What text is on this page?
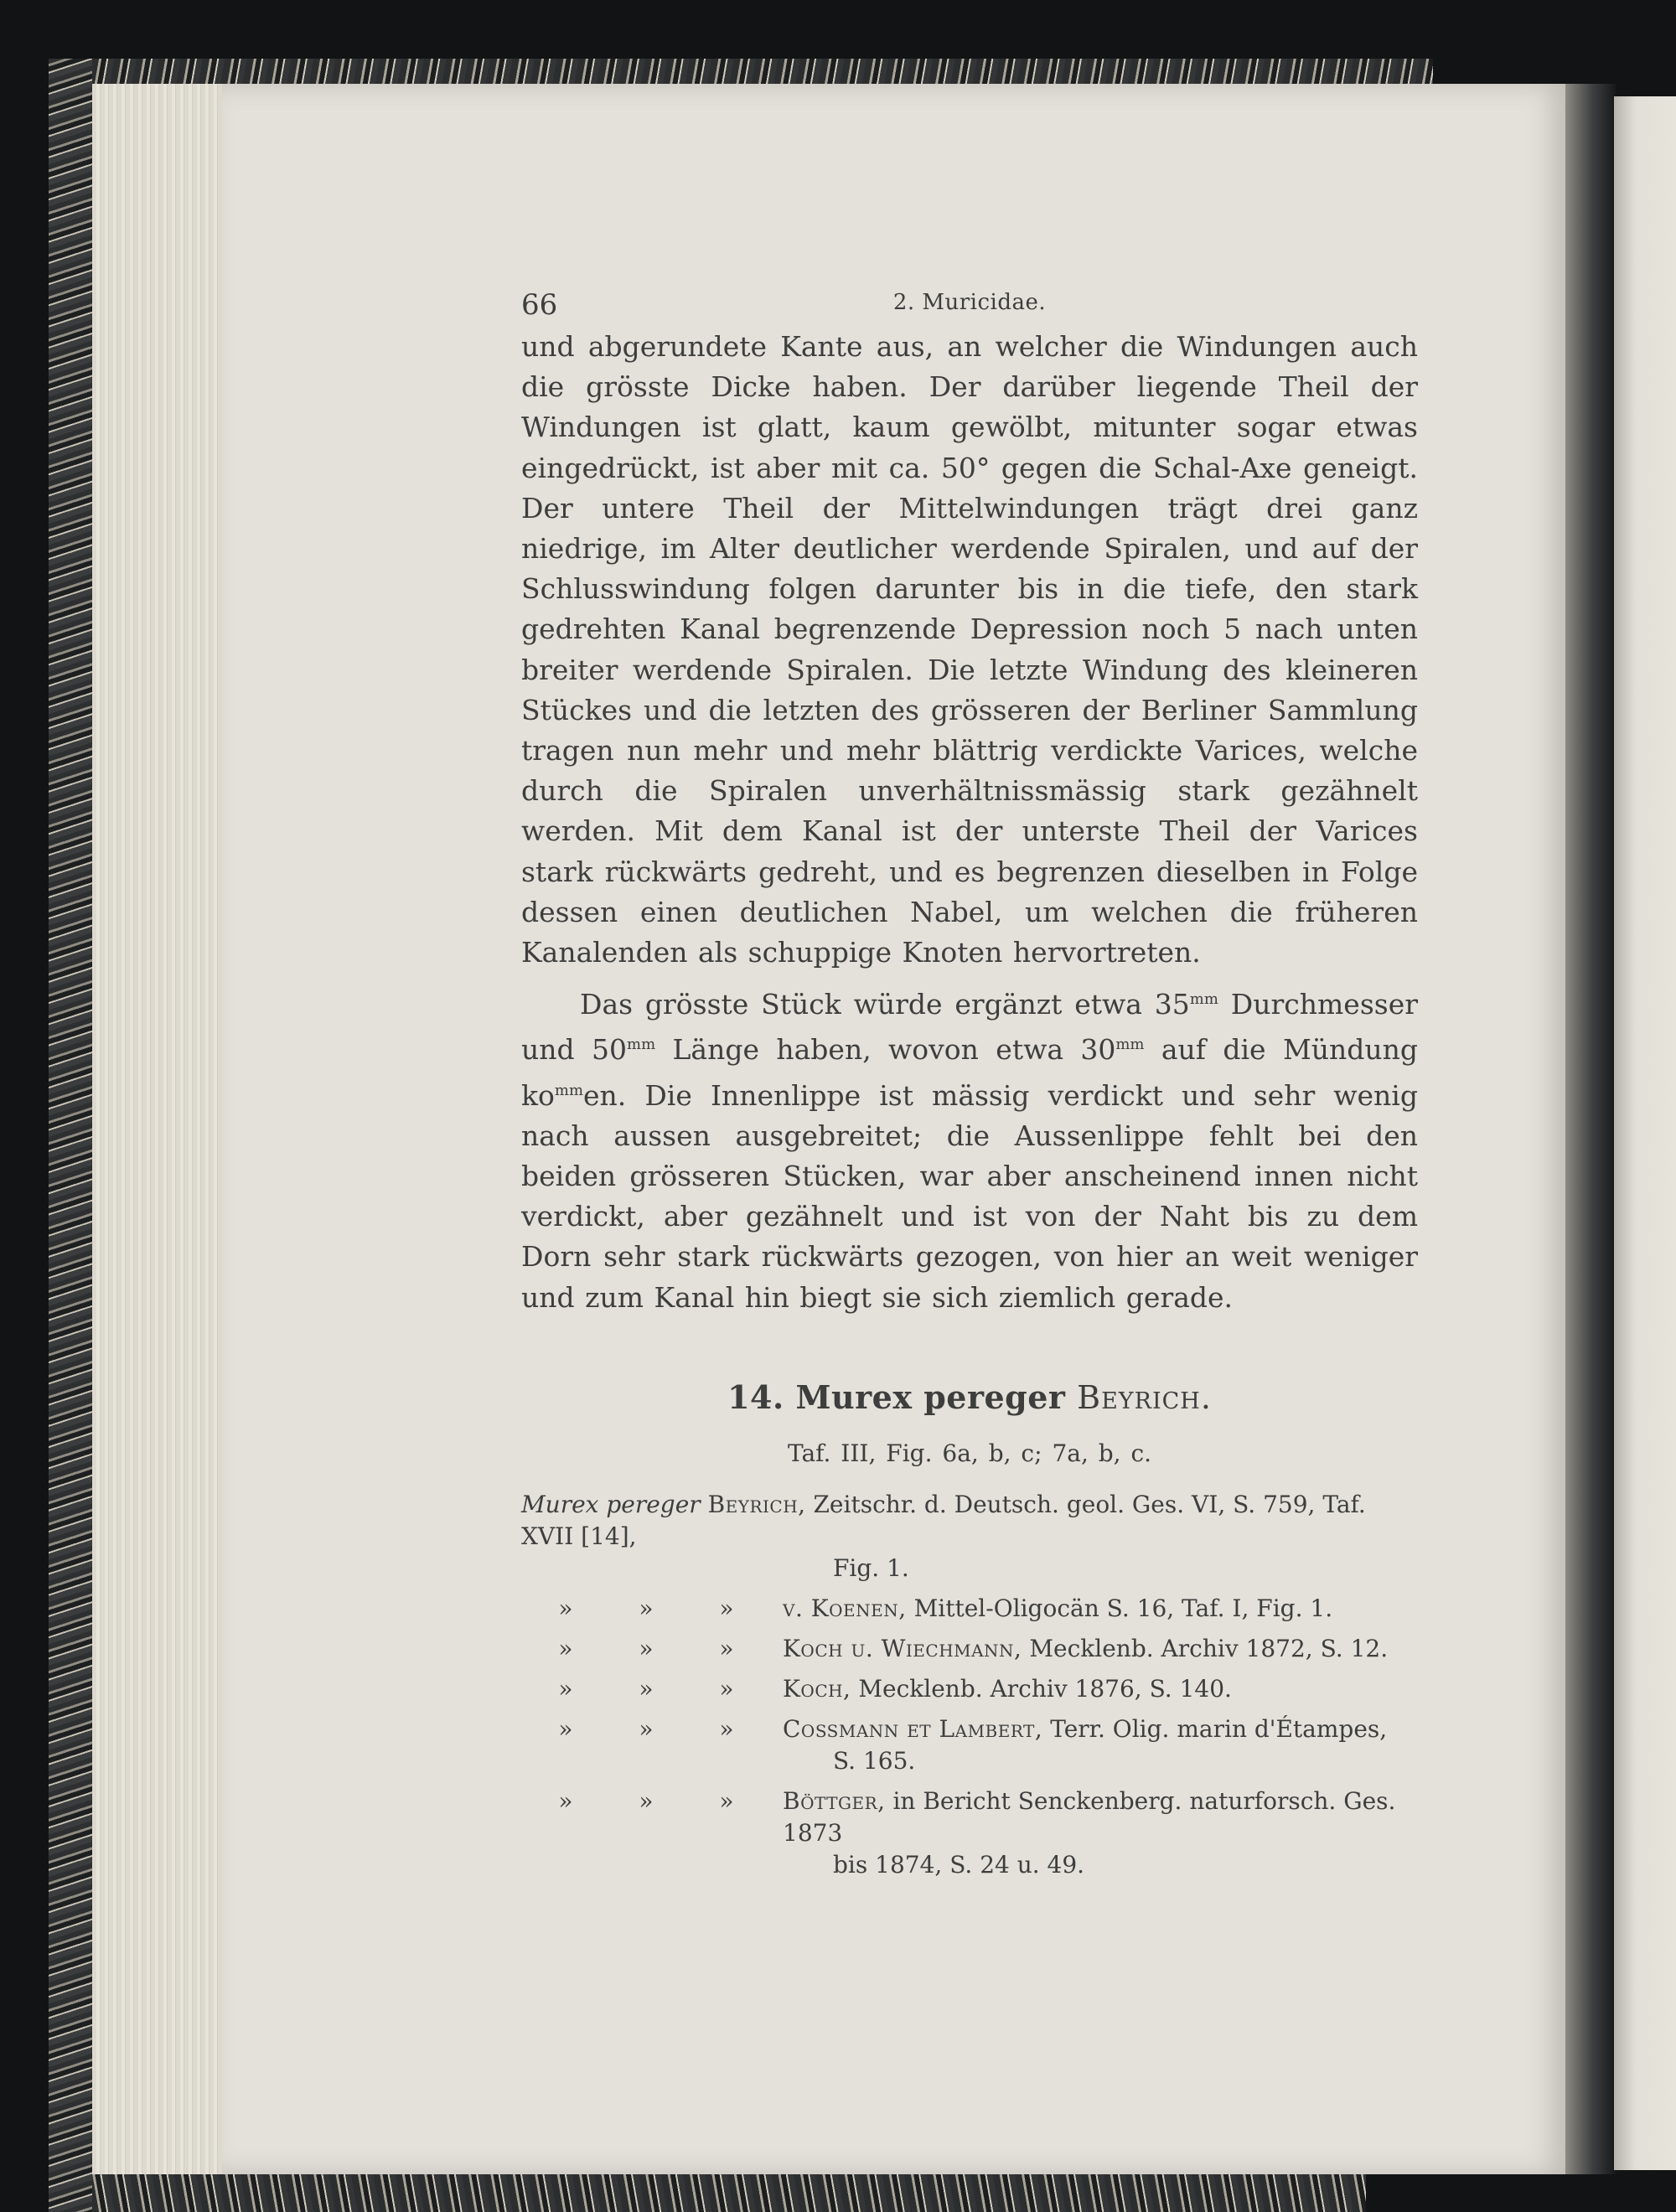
66	2. Muricidae.

und abgerundete Kante aus, an welcher die Windungen auch die grösste Dicke haben. Der darüber liegende Theil der Windungen ist glatt, kaum gewölbt, mitunter sogar etwas eingedrückt, ist aber mit ca. 50° gegen die Schal-Axe geneigt. Der untere Theil der Mittelwindungen trägt drei ganz niedrige, im Alter deutlicher werdende Spiralen, und auf der Schlusswindung folgen darunter bis in die tiefe, den stark gedrehten Kanal begrenzende Depression noch 5 nach unten breiter werdende Spiralen. Die letzte Windung des kleineren Stückes und die letzten des grösseren der Berliner Sammlung tragen nun mehr und mehr blättrig verdickte Varices, welche durch die Spiralen unverhältnissmässig stark gezähnelt werden. Mit dem Kanal ist der unterste Theil der Varices stark rückwärts gedreht, und es begrenzen dieselben in Folge dessen einen deutlichen Nabel, um welchen die früheren Kanalenden als schuppige Knoten hervortreten.

Das grösste Stück würde ergänzt etwa $35^{mm}$ Durchmesser und $50^{mm}$ Länge haben, wovon etwa $30^{mm}$ auf die Mündung $ko^{mm}en$. Die Innenlippe ist mässig verdickt und sehr wenig nach aussen ausgebreitet; die Aussenlippe fehlt bei den beiden grösseren Stücken, war aber anscheinend innen nicht verdickt, aber gezähnelt und ist von der Naht bis zu dem Dorn sehr stark rückwärts gezogen, von hier an weit weniger und zum Kanal hin biegt sie sich ziemlich gerade.

14. Murex pereger Beyrich.
Taf. III, Fig. 6a, b, c; 7a, b, c.
Murex pereger Beyrich, Zeitschr. d. Deutsch. geol. Ges. VI, S. 759, Taf. XVII [14],
Fig. 1.
»	»	» v. Koenen, Mittel-Oligocän S. 16, Taf. I, Fig. 1.
»	»	» Koch u. Wiechmann, Mecklenb. Archiv 1872, S. 12.
»	»	» Koch, Mecklenb. Archiv 1876, S. 140.
»	»	» Cossmann et Lambert, Terr. Olig. marin d'Étampes,
S. 165.
»	»	» Böttger, in Bericht Senckenberg. naturforsch. Ges. 1873
bis 1874, S. 24 u. 49.
